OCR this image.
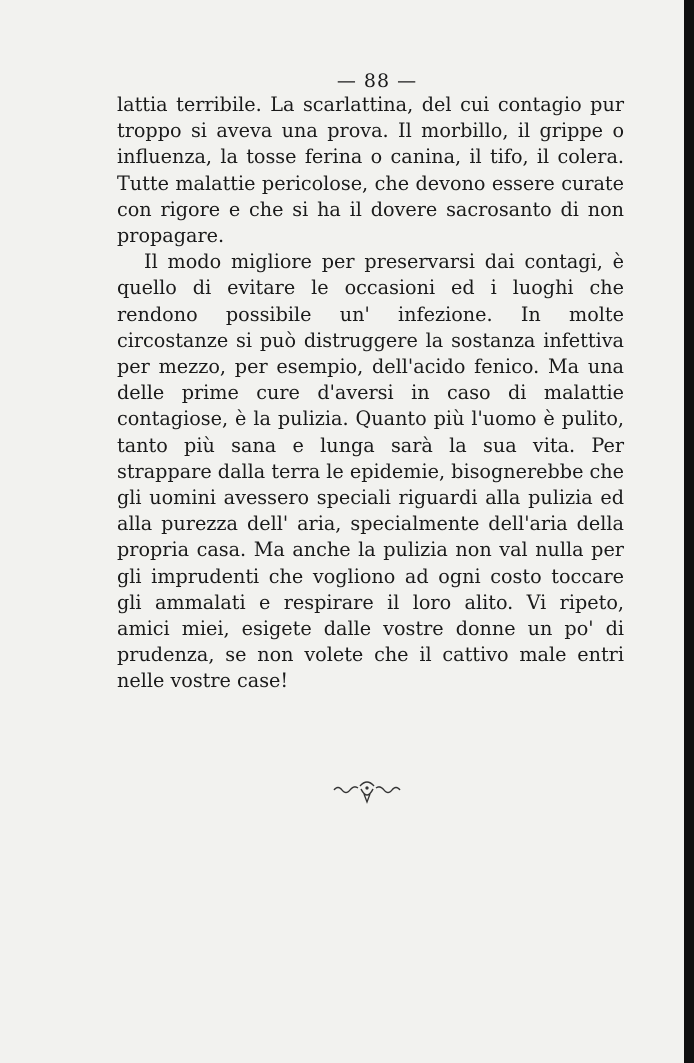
— 88 —

lattia terribile. La scarlattina, del cui contagio pur troppo si aveva una prova. Il morbillo, il grippe o influenza, la tosse ferina o canina, il tifo, il colera. Tutte malattie pericolose, che devono essere curate con rigore e che si ha il dovere sacrosanto di non propagare.

Il modo migliore per preservarsi dai contagi, è quello di evitare le occasioni ed i luoghi che rendono possibile un' infezione. In molte circostanze si può distruggere la sostanza infettiva per mezzo, per esempio, dell'acido fenico. Ma una delle prime cure d'aversi in caso di malattie contagiose, è la pulizia. Quanto più l'uomo è pulito, tanto più sana e lunga sarà la sua vita. Per strappare dalla terra le epidemie, bisognerebbe che gli uomini avessero speciali riguardi alla pulizia ed alla purezza dell' aria, specialmente dell'aria della propria casa. Ma anche la pulizia non val nulla per gli imprudenti che vogliono ad ogni costo toccare gli ammalati e respirare il loro alito. Vi ripeto, amici miei, esigete dalle vostre donne un po' di prudenza, se non volete che il cattivo male entri nelle vostre case!
